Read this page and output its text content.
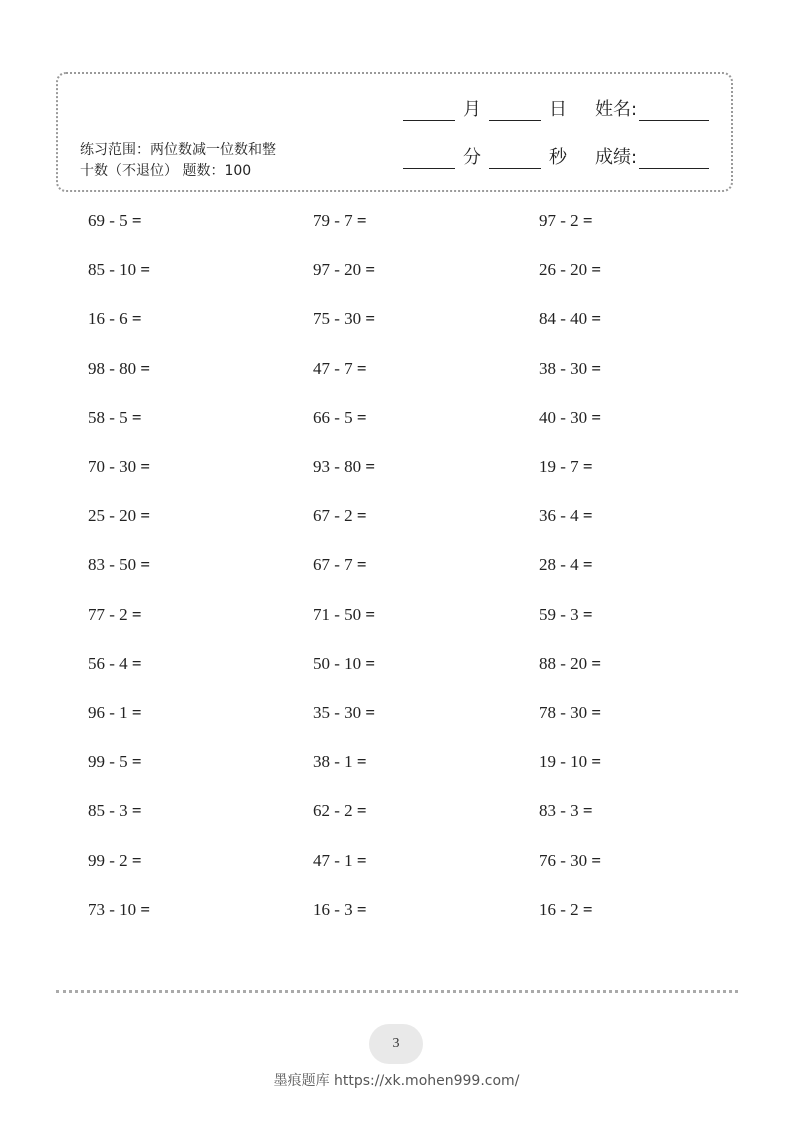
月	日 姓名:
分	秒 成绩:
练习范围：两位数减一位数和整
十数（不退位） 题数：100
69 - 5 =
85 - 10 =
16 - 6 =
98 - 80 =
58 - 5 =
70 - 30 =
25 - 20 =
83 - 50 =
77 - 2 =
56 - 4 =
96 - 1 =
99 - 5 =
85 - 3 =
99 - 2 =
73 - 10 =
79 - 7 =
97 - 20 =
75 - 30 =
47 - 7 =
66 - 5 =
93 - 80 =
67 - 2 =
67 - 7 =
71 - 50 =
50 - 10 =
35 - 30 =
38 - 1 =
62 - 2 =
47 - 1 =
16 - 3 =
97 - 2 =
26 - 20 =
84 - 40 =
38 - 30 =
40 - 30 =
19 - 7 =
36 - 4 =
28 - 4 =
59 - 3 =
88 - 20 =
78 - 30 =
19 - 10 =
83 - 3 =
76 - 30 =
16 - 2 =
3
墨痕题库 https://xk.mohen999.com/
